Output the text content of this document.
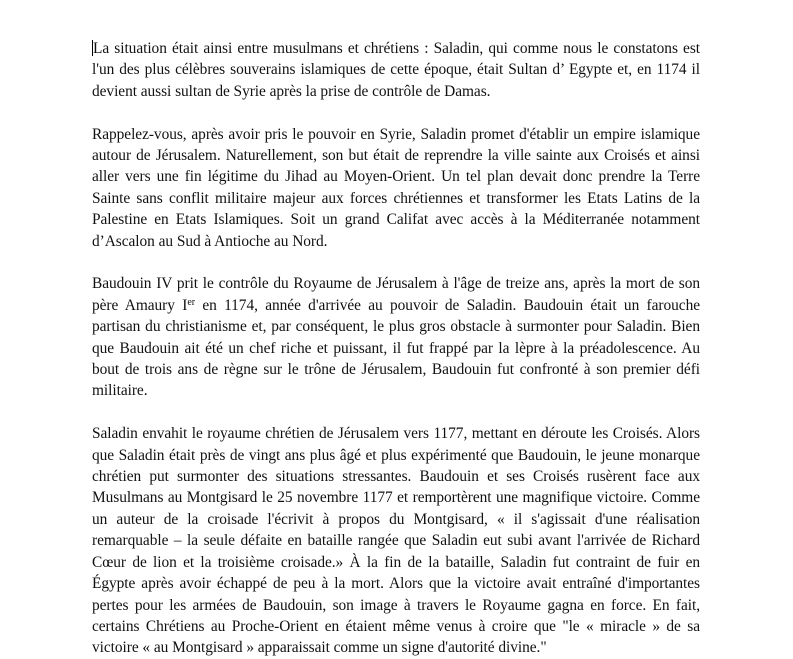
La situation était ainsi entre musulmans et chrétiens : Saladin, qui comme nous le constatons est l'un des plus célèbres souverains islamiques de cette époque, était Sultan d’ Egypte et, en 1174 il devient aussi sultan de Syrie après la prise de contrôle de Damas.

Rappelez-vous, après avoir pris le pouvoir en Syrie, Saladin promet d'établir un empire islamique autour de Jérusalem. Naturellement, son but était de reprendre la ville sainte aux Croisés et ainsi aller vers une fin légitime du Jihad au Moyen-Orient. Un tel plan devait donc prendre la Terre Sainte sans conflit militaire majeur aux forces chrétiennes et transformer les Etats Latins de la Palestine en Etats Islamiques. Soit un grand Califat avec accès à la Méditerranée notamment d’Ascalon au Sud à Antioche au Nord.

Baudouin IV prit le contrôle du Royaume de Jérusalem à l'âge de treize ans, après la mort de son père Amaury Ier en 1174, année d'arrivée au pouvoir de Saladin. Baudouin était un farouche partisan du christianisme et, par conséquent, le plus gros obstacle à surmonter pour Saladin. Bien que Baudouin ait été un chef riche et puissant, il fut frappé par la lèpre à la préadolescence. Au bout de trois ans de règne sur le trône de Jérusalem, Baudouin fut confronté à son premier défi militaire.

Saladin envahit le royaume chrétien de Jérusalem vers 1177, mettant en déroute les Croisés. Alors que Saladin était près de vingt ans plus âgé et plus expérimenté que Baudouin, le jeune monarque chrétien put surmonter des situations stressantes. Baudouin et ses Croisés rusèrent face aux Musulmans au Montgisard le 25 novembre 1177 et remportèrent une magnifique victoire. Comme un auteur de la croisade l'écrivit à propos du Montgisard, « il s'agissait d'une réalisation remarquable – la seule défaite en bataille rangée que Saladin eut subi avant l'arrivée de Richard Cœur de lion et la troisième croisade.» À la fin de la bataille, Saladin fut contraint de fuir en Égypte après avoir échappé de peu à la mort. Alors que la victoire avait entraîné d'importantes pertes pour les armées de Baudouin, son image à travers le Royaume gagna en force. En fait, certains Chrétiens au Proche-Orient en étaient même venus à croire que "le « miracle » de sa victoire « au Montgisard » apparaissait comme un signe d'autorité divine."
